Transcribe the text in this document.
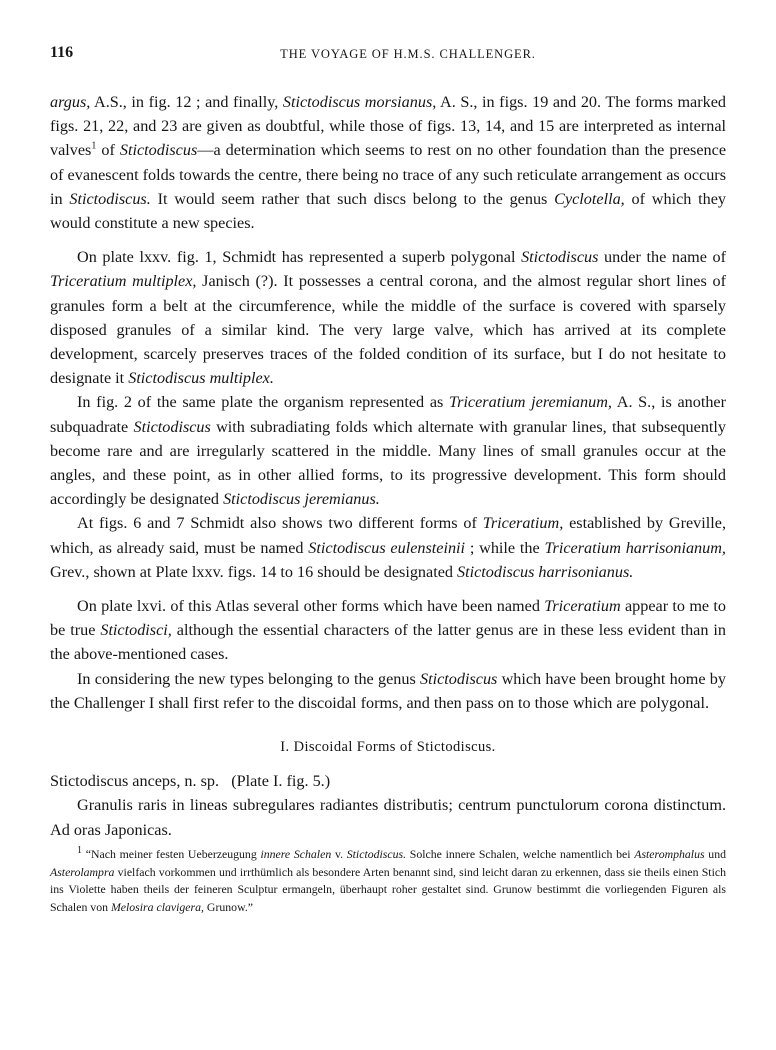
116	THE VOYAGE OF H.M.S. CHALLENGER.

argus, A.S., in fig. 12 ; and finally, Stictodiscus morsianus, A. S., in figs. 19 and 20. The forms marked figs. 21, 22, and 23 are given as doubtful, while those of figs. 13, 14, and 15 are interpreted as internal valves$^1$ of Stictodiscus—a determination which seems to rest on no other foundation than the presence of evanescent folds towards the centre, there being no trace of any such reticulate arrangement as occurs in Stictodiscus. It would seem rather that such discs belong to the genus Cyclotella, of which they would constitute a new species.

On plate lxxv. fig. 1, Schmidt has represented a superb polygonal Stictodiscus under the name of Triceratium multiplex, Janisch (?). It possesses a central corona, and the almost regular short lines of granules form a belt at the circumference, while the middle of the surface is covered with sparsely disposed granules of a similar kind. The very large valve, which has arrived at its complete development, scarcely preserves traces of the folded condition of its surface, but I do not hesitate to designate it Stictodiscus multiplex.

In fig. 2 of the same plate the organism represented as Triceratium jeremianum, A. S., is another subquadrate Stictodiscus with subradiating folds which alternate with granular lines, that subsequently become rare and are irregularly scattered in the middle. Many lines of small granules occur at the angles, and these point, as in other allied forms, to its progressive development. This form should accordingly be designated Stictodiscus jeremianus.

At figs. 6 and 7 Schmidt also shows two different forms of Triceratium, established by Greville, which, as already said, must be named Stictodiscus eulensteinii ; while the Triceratium harrisonianum, Grev., shown at Plate lxxv. figs. 14 to 16 should be designated Stictodiscus harrisonianus.

On plate lxvi. of this Atlas several other forms which have been named Triceratium appear to me to be true Stictodisci, although the essential characters of the latter genus are in these less evident than in the above-mentioned cases.

In considering the new types belonging to the genus Stictodiscus which have been brought home by the Challenger I shall first refer to the discoidal forms, and then pass on to those which are polygonal.

I. Discoidal Forms of Stictodiscus.

Stictodiscus anceps, n. sp. (Plate I. fig. 5.)

Granulis raris in lineas subregulares radiantes distributis; centrum punctulorum corona distinctum. Ad oras Japonicas.

$^1$ “Nach meiner festen Ueberzeugung innere Schalen v. Stictodiscus. Solche innere Schalen, welche namentlich bei Asteromphalus und Asterolampra vielfach vorkommen und irrthümlich als besondere Arten benannt sind, sind leicht daran zu erkennen, dass sie theils einen Stich ins Violette haben theils der feineren Sculptur ermangeln, überhaupt roher gestaltet sind. Grunow bestimmt die vorliegenden Figuren als Schalen von Melosira clavigera, Grunow.”
